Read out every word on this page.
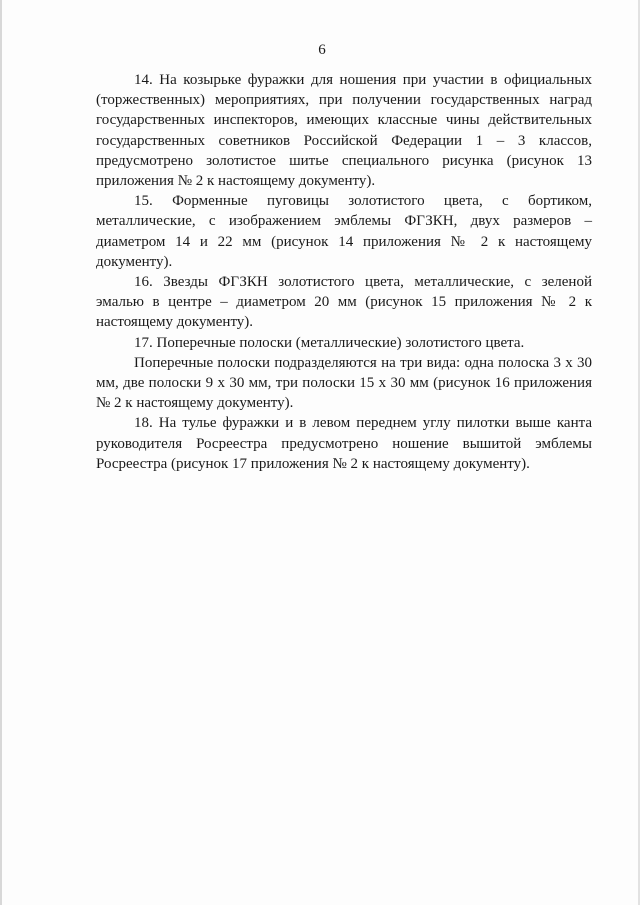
6

14. На козырьке фуражки для ношения при участии в официальных (торжественных) мероприятиях, при получении государственных наград государственных инспекторов, имеющих классные чины действительных государственных советников Российской Федерации 1 – 3 классов, предусмотрено золотистое шитье специального рисунка (рисунок 13 приложения № 2 к настоящему документу).

15. Форменные пуговицы золотистого цвета, с бортиком, металлические, с изображением эмблемы ФГЗКН, двух размеров – диаметром 14 и 22 мм (рисунок 14 приложения № 2 к настоящему документу).

16. Звезды ФГЗКН золотистого цвета, металлические, с зеленой эмалью в центре – диаметром 20 мм (рисунок 15 приложения № 2 к настоящему документу).

17. Поперечные полоски (металлические) золотистого цвета.

Поперечные полоски подразделяются на три вида: одна полоска 3 х 30 мм, две полоски 9 х 30 мм, три полоски 15 х 30 мм (рисунок 16 приложения № 2 к настоящему документу).

18. На тулье фуражки и в левом переднем углу пилотки выше канта руководителя Росреестра предусмотрено ношение вышитой эмблемы Росреестра (рисунок 17 приложения № 2 к настоящему документу).
